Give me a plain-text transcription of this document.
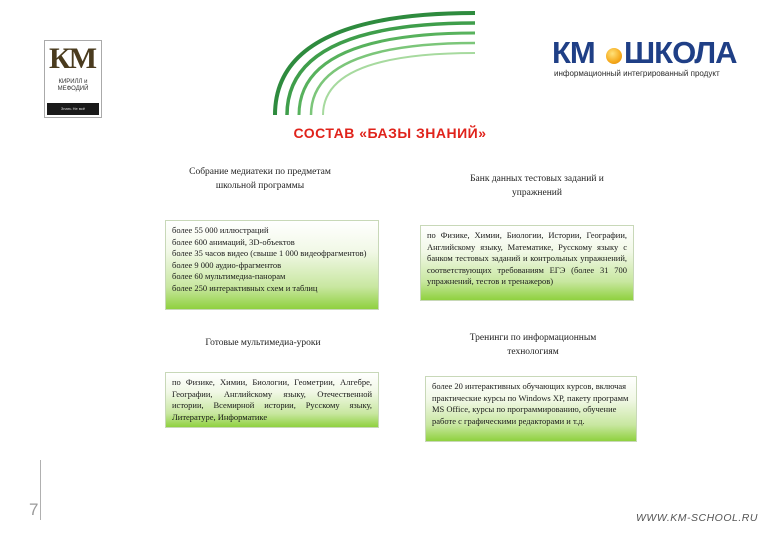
КМ
КИРИЛЛ и
МЕФОДИЙ
Знать Не всё
КМ ШКОЛА
информационный интегрированный продукт
СОСТАВ «БАЗЫ ЗНАНИЙ»
Собрание медиатеки по предметам школьной программы
более 55 000 иллюстраций
более 600 анимаций, 3D-объектов
более 35 часов видео (свыше 1 000 видеофрагментов)
более 9 000 аудио-фрагментов
более 60 мультимедиа-панорам
более 250 интерактивных схем и таблиц
Банк данных тестовых заданий и упражнений
по Физике, Химии, Биологии, Истории, Географии, Английскому языку, Математике, Русскому языку с банком тестовых заданий и контрольных упражнений, соответствующих требованиям ЕГЭ (более 31 700 упражнений, тестов и тренажеров)
Готовые мультимедиа-уроки
по Физике, Химии, Биологии, Геометрии, Алгебре, Географии, Английскому языку, Отечественной истории, Всемирной истории, Русскому языку, Литературе, Информатике
Тренинги по информационным технологиям
более 20 интерактивных обучающих курсов, включая практические курсы по Windows XP, пакету программ MS Office, курсы по программированию, обучение работе с графическими редакторами и т.д.
7	WWW.KM-SCHOOL.RU
